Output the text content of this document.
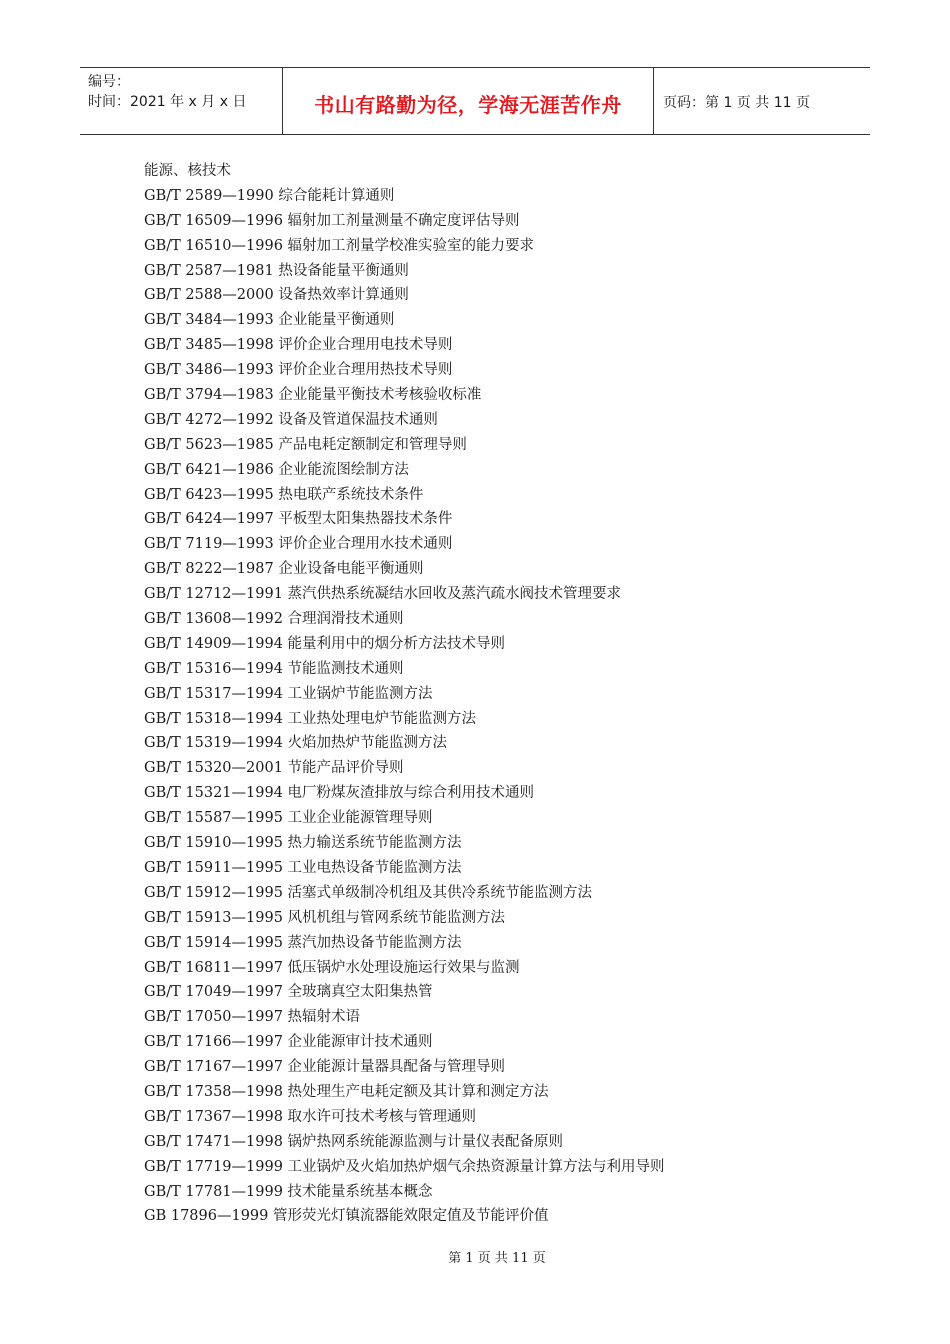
编号：
时间：2021 年 x 月 x 日	书山有路勤为径，学海无涯苦作舟	页码：第 1 页 共 11 页
能源、核技术
GB/T 2589—1990 综合能耗计算通则
GB/T 16509—1996 辐射加工剂量测量不确定度评估导则
GB/T 16510—1996 辐射加工剂量学校准实验室的能力要求
GB/T 2587—1981 热设备能量平衡通则
GB/T 2588—2000 设备热效率计算通则
GB/T 3484—1993 企业能量平衡通则
GB/T 3485—1998 评价企业合理用电技术导则
GB/T 3486—1993 评价企业合理用热技术导则
GB/T 3794—1983 企业能量平衡技术考核验收标准
GB/T 4272—1992 设备及管道保温技术通则
GB/T 5623—1985 产品电耗定额制定和管理导则
GB/T 6421—1986 企业能流图绘制方法
GB/T 6423—1995 热电联产系统技术条件
GB/T 6424—1997 平板型太阳集热器技术条件
GB/T 7119—1993 评价企业合理用水技术通则
GB/T 8222—1987 企业设备电能平衡通则
GB/T 12712—1991 蒸汽供热系统凝结水回收及蒸汽疏水阀技术管理要求
GB/T 13608—1992 合理润滑技术通则
GB/T 14909—1994 能量利用中的烟分析方法技术导则
GB/T 15316—1994 节能监测技术通则
GB/T 15317—1994 工业锅炉节能监测方法
GB/T 15318—1994 工业热处理电炉节能监测方法
GB/T 15319—1994 火焰加热炉节能监测方法
GB/T 15320—2001 节能产品评价导则
GB/T 15321—1994 电厂粉煤灰渣排放与综合利用技术通则
GB/T 15587—1995 工业企业能源管理导则
GB/T 15910—1995 热力输送系统节能监测方法
GB/T 15911—1995 工业电热设备节能监测方法
GB/T 15912—1995 活塞式单级制冷机组及其供冷系统节能监测方法
GB/T 15913—1995 风机机组与管网系统节能监测方法
GB/T 15914—1995 蒸汽加热设备节能监测方法
GB/T 16811—1997 低压锅炉水处理设施运行效果与监测
GB/T 17049—1997 全玻璃真空太阳集热管
GB/T 17050—1997 热辐射术语
GB/T 17166—1997 企业能源审计技术通则
GB/T 17167—1997 企业能源计量器具配备与管理导则
GB/T 17358—1998 热处理生产电耗定额及其计算和测定方法
GB/T 17367—1998 取水许可技术考核与管理通则
GB/T 17471—1998 锅炉热网系统能源监测与计量仪表配备原则
GB/T 17719—1999 工业锅炉及火焰加热炉烟气余热资源量计算方法与利用导则
GB/T 17781—1999 技术能量系统基本概念
GB 17896—1999 管形荧光灯镇流器能效限定值及节能评价值
第 1 页 共 11 页
